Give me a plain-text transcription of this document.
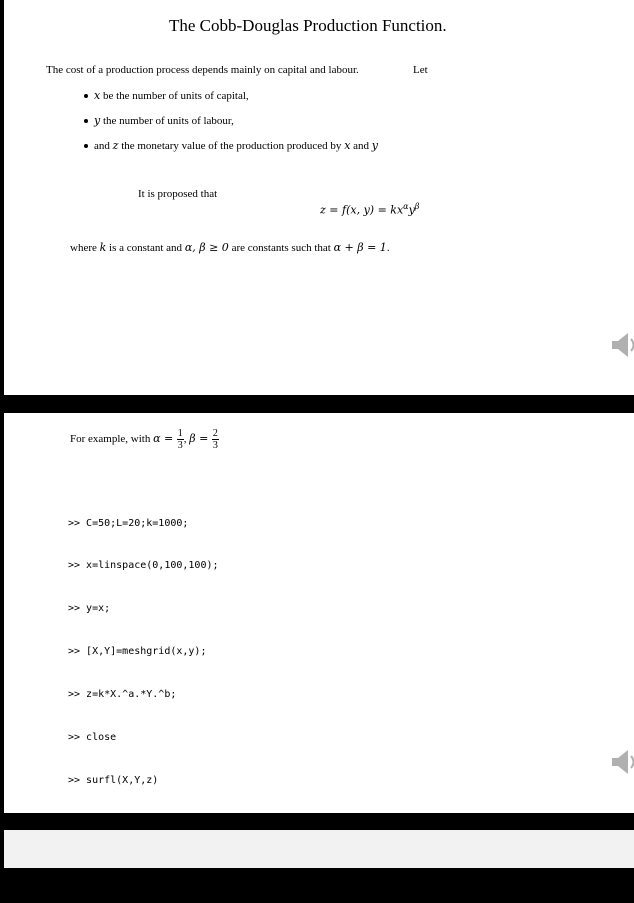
The Cobb-Douglas Production Function.
The cost of a production process depends mainly on capital and labour.	Let
x be the number of units of capital,
y the number of units of labour,
and z the monetary value of the production produced by x and y
It is proposed that
z = f(x, $y) = kx^\alpha y^\beta$
where k is a constant and α, β ≥ 0 are constants such that α + β = 1.
For example, with $\alpha = \frac{1}{3}$ , $\beta = \frac{2}{3}$

>> C=50;L=20;k=1000;

>> x=linspace(0,100,100);

>> y=x;

>> [X,Y]=meshgrid(x,y);

>> z=k*X.^a.*Y.^b;

>> close

>> surfl(X,Y,z)

>> xlabel('x')
